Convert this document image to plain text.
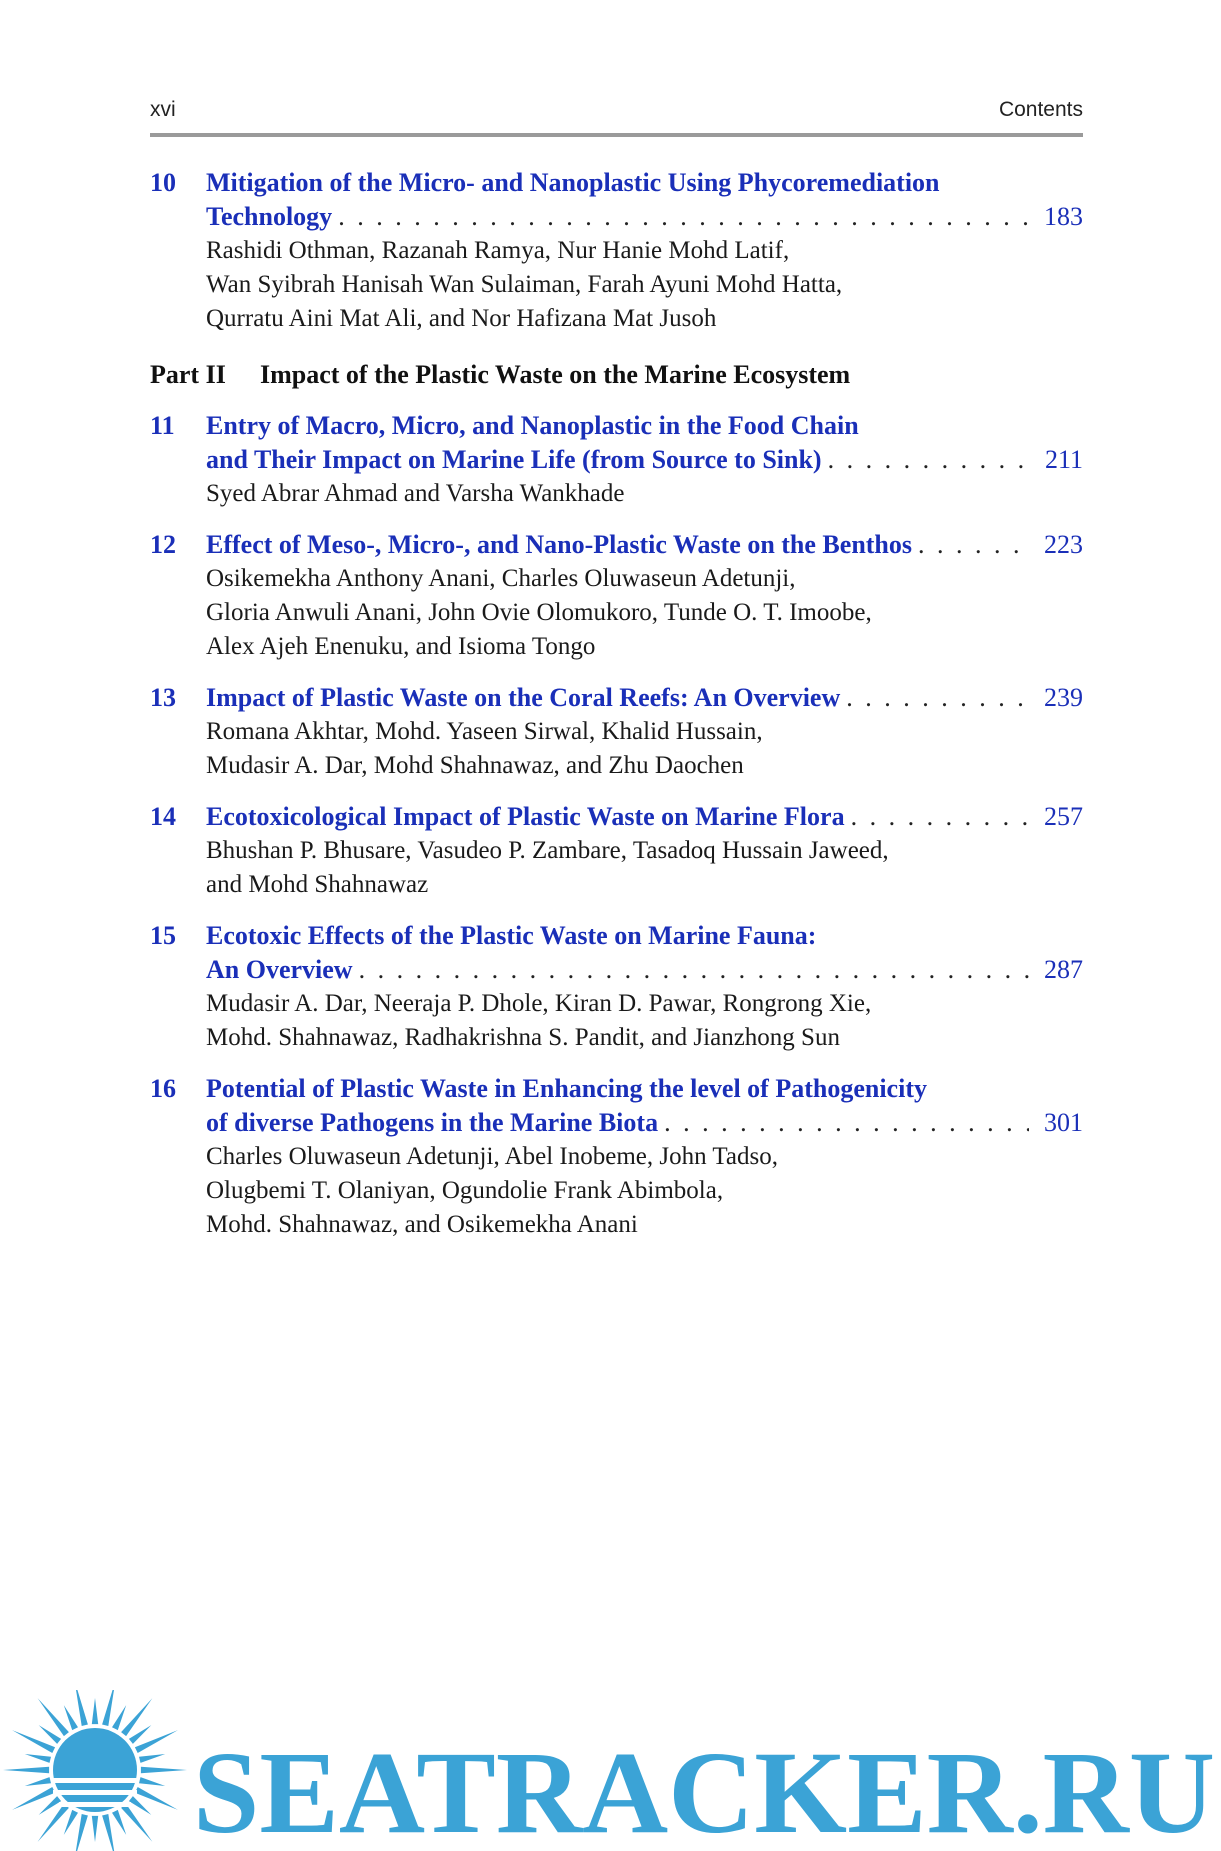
xvi	Contents
10	Mitigation of the Micro- and Nanoplastic Using Phycoremediation
Technology . . .	183
Rashidi Othman, Razanah Ramya, Nur Hanie Mohd Latif,
Wan Syibrah Hanisah Wan Sulaiman, Farah Ayuni Mohd Hatta,
Qurratu Aini Mat Ali, and Nor Hafizana Mat Jusoh
Part II Impact of the Plastic Waste on the Marine Ecosystem
11	Entry of Macro, Micro, and Nanoplastic in the Food Chain
and Their Impact on Marine Life (from Source to Sink) . . .	211
Syed Abrar Ahmad and Varsha Wankhade
12	Effect of Meso-, Micro-, and Nano-Plastic Waste on the Benthos . . .	223
Osikemekha Anthony Anani, Charles Oluwaseun Adetunji,
Gloria Anwuli Anani, John Ovie Olomukoro, Tunde O. T. Imoobe,
Alex Ajeh Enenuku, and Isioma Tongo
13	Impact of Plastic Waste on the Coral Reefs: An Overview . . .	239
Romana Akhtar, Mohd. Yaseen Sirwal, Khalid Hussain,
Mudasir A. Dar, Mohd Shahnawaz, and Zhu Daochen
14	Ecotoxicological Impact of Plastic Waste on Marine Flora . . .	257
Bhushan P. Bhusare, Vasudeo P. Zambare, Tasadoq Hussain Jaweed,
and Mohd Shahnawaz
15	Ecotoxic Effects of the Plastic Waste on Marine Fauna:
An Overview . . .	287
Mudasir A. Dar, Neeraja P. Dhole, Kiran D. Pawar, Rongrong Xie,
Mohd. Shahnawaz, Radhakrishna S. Pandit, and Jianzhong Sun
16	Potential of Plastic Waste in Enhancing the level of Pathogenicity
of diverse Pathogens in the Marine Biota . . .	301
Charles Oluwaseun Adetunji, Abel Inobeme, John Tadso,
Olugbemi T. Olaniyan, Ogundolie Frank Abimbola,
Mohd. Shahnawaz, and Osikemekha Anani
SEATRACKER.RU
